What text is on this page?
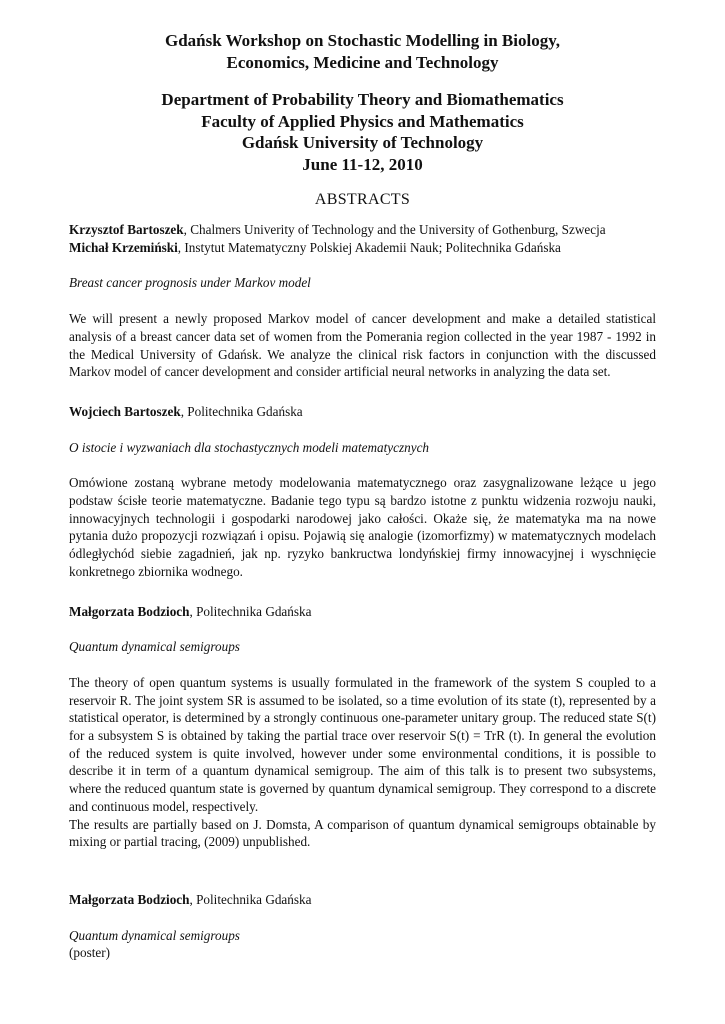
Gdańsk Workshop on Stochastic Modelling in Biology,
Economics, Medicine and Technology
Department of Probability Theory and Biomathematics
Faculty of Applied Physics and Mathematics
Gdańsk University of Technology
June 11-12, 2010
ABSTRACTS
Krzysztof Bartoszek, Chalmers Univerity of Technology and the University of Gothenburg, Szwecja
Michał Krzemiński, Instytut Matematyczny Polskiej Akademii Nauk; Politechnika Gdańska
Breast cancer prognosis under Markov model
We will present a newly proposed Markov model of cancer development and make a detailed statistical analysis of a breast cancer data set of women from the Pomerania region collected in the year 1987 - 1992 in the Medical University of Gdańsk. We analyze the clinical risk factors in conjunction with the discussed Markov model of cancer development and consider artificial neural networks in analyzing the data set.
Wojciech Bartoszek, Politechnika Gdańska
O istocie i wyzwaniach dla stochastycznych modeli matematycznych
Omówione zostaną wybrane metody modelowania matematycznego oraz zasygnalizowane leżące u jego podstaw ścisłe teorie matematyczne. Badanie tego typu są bardzo istotne z punktu widzenia rozwoju nauki, innowacyjnych technologii i gospodarki narodowej jako całości. Okaże się, że matematyka ma na nowe pytania dużo propozycji rozwiązań i opisu. Pojawią się analogie (izomorfizmy) w matematycznych modelach ódległychód siebie zagadnień, jak np. ryzyko bankructwa londyńskiej firmy innowacyjnej i wyschnięcie konkretnego zbiornika wodnego.
Małgorzata Bodzioch, Politechnika Gdańska
Quantum dynamical semigroups
The theory of open quantum systems is usually formulated in the framework of the system S coupled to a reservoir R. The joint system SR is assumed to be isolated, so a time evolution of its state (t), represented by a statistical operator, is determined by a strongly continuous one-parameter unitary group. The reduced state S(t) for a subsystem S is obtained by taking the partial trace over reservoir S(t) = TrR (t). In general the evolution of the reduced system is quite involved, however under some environmental conditions, it is possible to describe it in term of a quantum dynamical semigroup. The aim of this talk is to present two subsystems, where the reduced quantum state is governed by quantum dynamical semigroup. They correspond to a discrete and continuous model, respectively.
The results are partially based on J. Domsta, A comparison of quantum dynamical semigroups obtainable by mixing or partial tracing, (2009) unpublished.
Małgorzata Bodzioch, Politechnika Gdańska
Quantum dynamical semigroups
(poster)
